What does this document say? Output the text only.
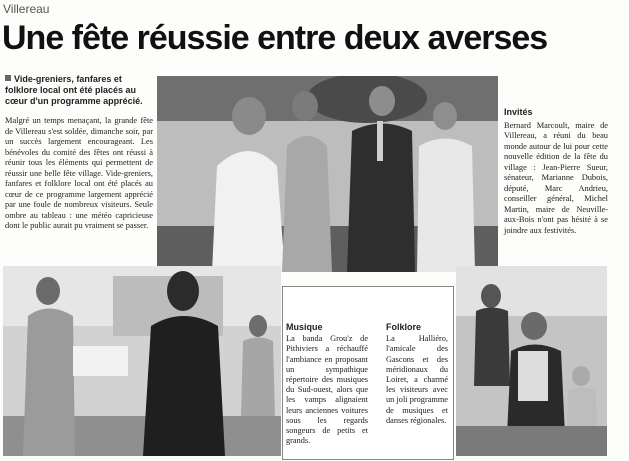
Villereau
Une fête réussie entre deux averses
Vide-greniers, fanfares et folklore local ont été placés au cœur d'un programme apprécié.
Malgré un temps menaçant, la grande fête de Villereau s'est soldée, dimanche soir, par un succès largement encourageant. Les bénévoles du comité des fêtes ont réussi à réunir tous les éléments qui permettent de réussir une belle fête village. Vide-greniers, fanfares et folklore local ont été placés au cœur de ce programme largement apprécié par une foule de nombreux visiteurs. Seule ombre au tableau : une météo capricieuse dont le public aurait pu vraiment se passer.
Invités
Bernard Marcoult, maire de Villereau, a réuni du beau monde autour de lui pour cette nouvelle édition de la fête du village : Jean-Pierre Sueur, sénateur, Marianne Dubois, député, Marc Andrieu, conseiller général, Michel Martin, maire de Neuville-aux-Bois n'ont pas hésité à se joindre aux festivités.
Musique
La banda Grou'z de Pithiviers a réchauffé l'ambiance en proposant un sympathique répertoire des musiques du Sud-ouest, alors que les vamps alignaient leurs anciennes voitures sous les regards songeurs de petits et grands.
Folklore
La Halliéro, l'amicale des Gascons et des méridionaux du Loiret, a charmé les visiteurs avec un joli programme de musiques et danses régionales.
